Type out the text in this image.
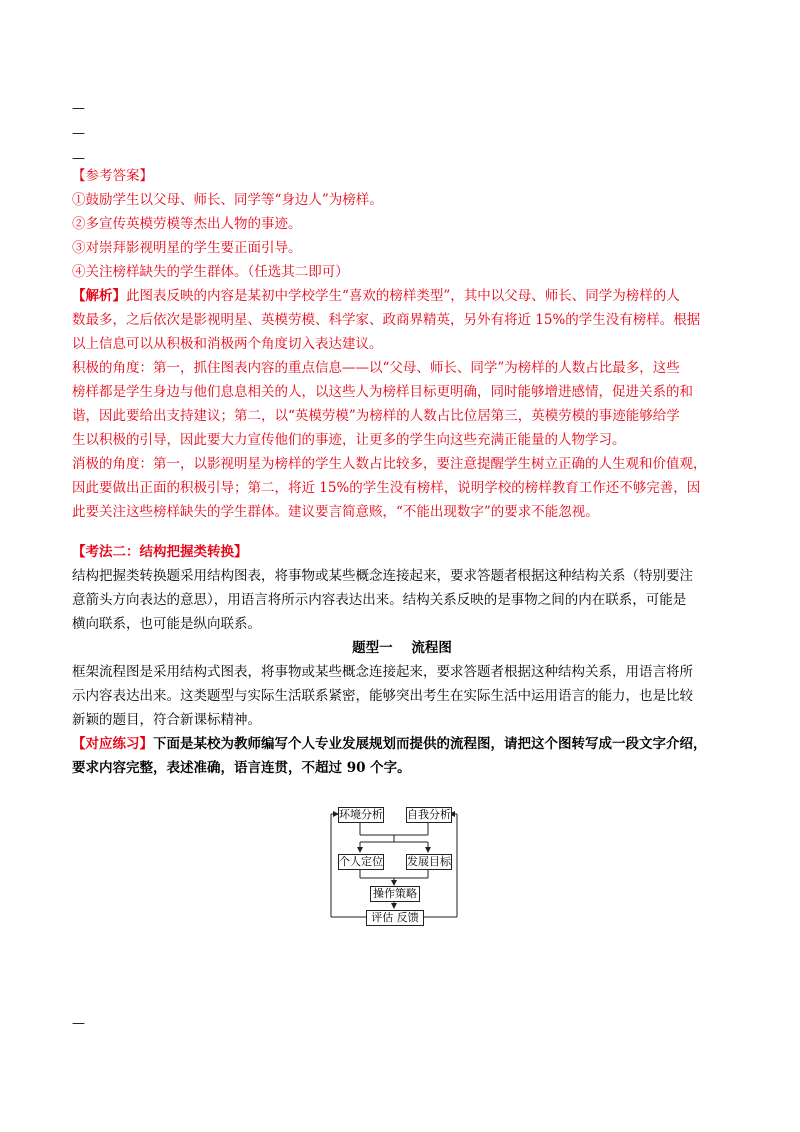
—
—
—
【参考答案】
①鼓励学生以父母、师长、同学等“身边人”为榜样。
②多宣传英模劳模等杰出人物的事迹。
③对崇拜影视明星的学生要正面引导。
④关注榜样缺失的学生群体。（任选其二即可）
【解析】此图表反映的内容是某初中学校学生“喜欢的榜样类型”，其中以父母、师长、同学为榜样的人
数最多，之后依次是影视明星、英模劳模、科学家、政商界精英，另外有将近 15%的学生没有榜样。根据
以上信息可以从积极和消极两个角度切入表达建议。
积极的角度：第一，抓住图表内容的重点信息——以“父母、师长、同学”为榜样的人数占比最多，这些
榜样都是学生身边与他们息息相关的人，以这些人为榜样目标更明确，同时能够增进感情，促进关系的和
谐，因此要给出支持建议；第二，以“英模劳模”为榜样的人数占比位居第三，英模劳模的事迹能够给学
生以积极的引导，因此要大力宣传他们的事迹，让更多的学生向这些充满正能量的人物学习。
消极的角度：第一，以影视明星为榜样的学生人数占比较多，要注意提醒学生树立正确的人生观和价值观，
因此要做出正面的积极引导；第二，将近 15%的学生没有榜样，说明学校的榜样教育工作还不够完善，因
此要关注这些榜样缺失的学生群体。建议要言简意赅，“不能出现数字”的要求不能忽视。
【考法二：结构把握类转换】
结构把握类转换题采用结构图表，将事物或某些概念连接起来，要求答题者根据这种结构关系（特别要注
意箭头方向表达的意思），用语言将所示内容表达出来。结构关系反映的是事物之间的内在联系，可能是
横向联系，也可能是纵向联系。
题型一    流程图
框架流程图是采用结构式图表，将事物或某些概念连接起来，要求答题者根据这种结构关系，用语言将所
示内容表达出来。这类题型与实际生活联系紧密，能够突出考生在实际生活中运用语言的能力，也是比较
新颖的题目，符合新课标精神。
【对应练习】下面是某校为教师编写个人专业发展规划而提供的流程图，请把这个图转写成一段文字介绍，
要求内容完整，表述准确，语言连贯，不超过 90 个字。
环境分析 自我分析
个人定位 发展目标
操作策略
评估 反馈
—
